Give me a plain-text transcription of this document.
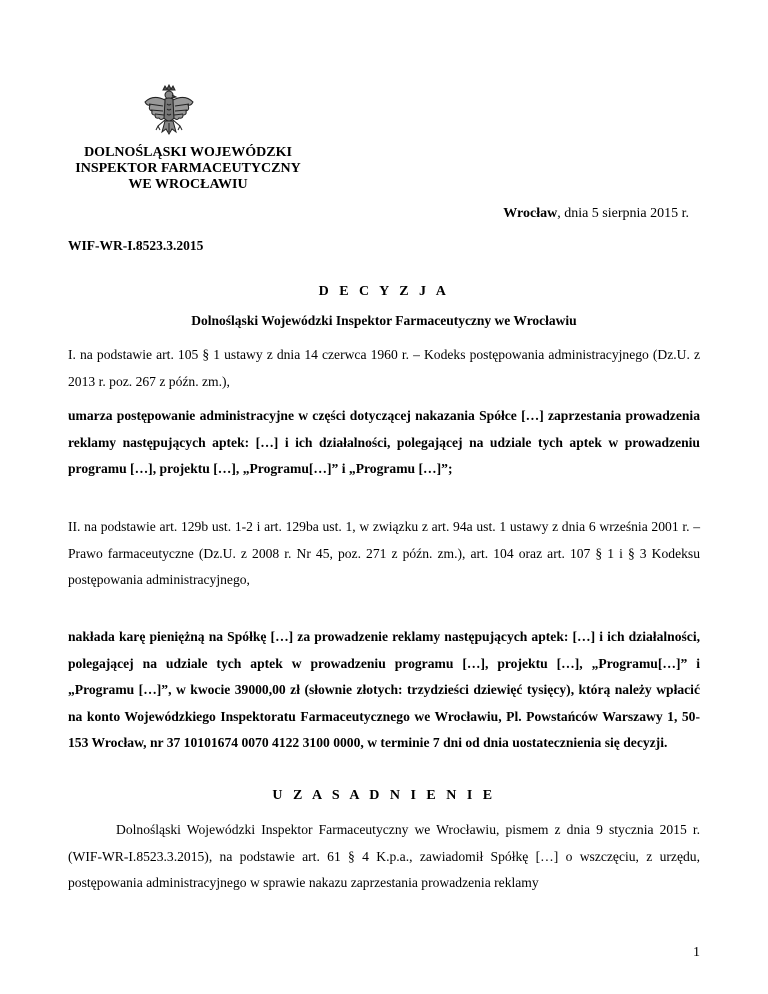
DOLNOŚLĄSKI WOJEWÓDZKI
INSPEKTOR FARMACEUTYCZNY
WE WROCŁAWIU
Wrocław, dnia 5 sierpnia 2015 r.
WIF-WR-I.8523.3.2015
D E C Y Z J A
Dolnośląski Wojewódzki Inspektor Farmaceutyczny we Wrocławiu
I. na podstawie art. 105 § 1 ustawy z dnia 14 czerwca 1960 r. – Kodeks postępowania administracyjnego (Dz.U. z 2013 r. poz. 267 z późn. zm.),
umarza postępowanie administracyjne w części dotyczącej nakazania Spółce […] zaprzestania prowadzenia reklamy następujących aptek: […] i ich działalności, polegającej na udziale tych aptek w prowadzeniu programu […], projektu […], „Programu[…]” i „Programu […]”;
II. na podstawie art. 129b ust. 1-2 i art. 129ba ust. 1, w związku z art. 94a ust. 1 ustawy z dnia 6 września 2001 r. – Prawo farmaceutyczne (Dz.U. z 2008 r. Nr 45, poz. 271 z późn. zm.), art. 104 oraz art. 107 § 1 i § 3 Kodeksu postępowania administracyjnego,
nakłada karę pieniężną na Spółkę […] za prowadzenie reklamy następujących aptek: […] i ich działalności, polegającej na udziale tych aptek w prowadzeniu programu […], projektu […], „Programu[…]” i „Programu […]”, w kwocie 39000,00 zł (słownie złotych: trzydzieści dziewięć tysięcy), którą należy wpłacić na konto Wojewódzkiego Inspektoratu Farmaceutycznego we Wrocławiu, Pl. Powstańców Warszawy 1, 50-153 Wrocław, nr 37 10101674 0070 4122 3100 0000, w terminie 7 dni od dnia uostatecznienia się decyzji.
U Z A S A D N I E N I E
Dolnośląski Wojewódzki Inspektor Farmaceutyczny we Wrocławiu, pismem z dnia 9 stycznia 2015 r. (WIF-WR-I.8523.3.2015), na podstawie art. 61 § 4 K.p.a., zawiadomił Spółkę […] o wszczęciu, z urzędu, postępowania administracyjnego w sprawie nakazu zaprzestania prowadzenia reklamy
1
